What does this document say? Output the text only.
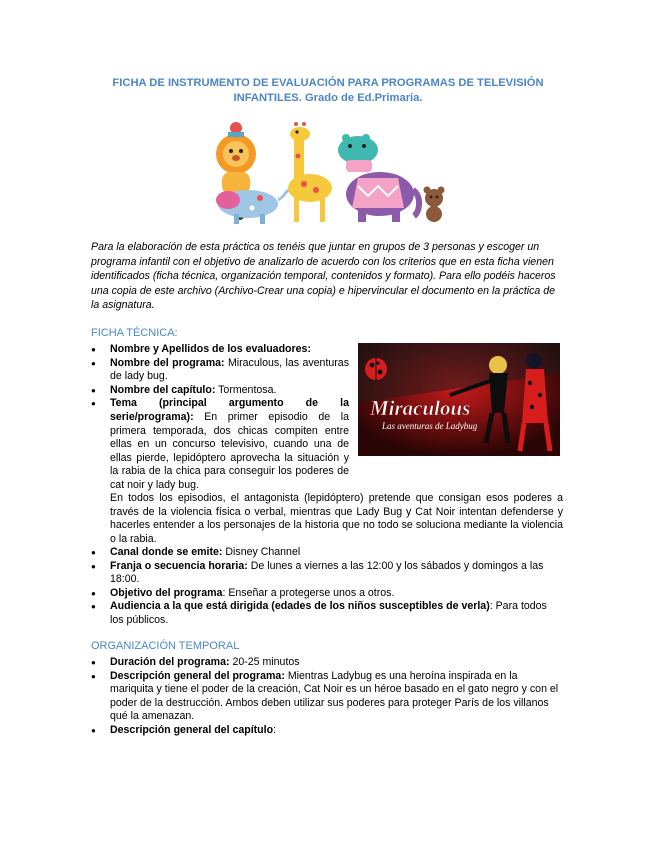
FICHA DE INSTRUMENTO DE EVALUACIÓN PARA PROGRAMAS DE TELEVISIÓN
INFANTILES. Grado de Ed.Primaria.
Para la elaboración de esta práctica os tenéis que juntar en grupos de 3 personas y escoger un programa infantil con el objetivo de analizarlo de acuerdo con los criterios que en esta ficha vienen identificados (ficha técnica, organización temporal, contenidos y formato). Para ello podéis haceros una copia de este archivo (Archivo-Crear una copia) e hipervincular el documento en la práctica de la asignatura.
FICHA TÉCNICA:
● Nombre y Apellidos de los evaluadores:
● Nombre del programa: Miraculous, las aventuras de lady bug.
● Nombre del capítulo: Tormentosa.
● Tema (principal argumento de la serie/programa): En primer episodio de la primera temporada, dos chicas compiten entre ellas en un concurso televisivo, cuando una de ellas pierde, lepidóptero aprovecha la situación y la rabia de la chica para conseguir los poderes de cat noir y lady bug.
Miraculous
Las aventuras de Ladybug
En todos los episodios, el antagonista (lepidóptero) pretende que consigan esos poderes a través de la violencia física o verbal, mientras que Lady Bug y Cat Noir intentan defenderse y hacerles entender a los personajes de la historia que no todo se soluciona mediante la violencia o la rabia.
● Canal donde se emite: Disney Channel
● Franja o secuencia horaria: De lunes a viernes a las 12:00 y los sábados y domingos a las 18:00.
● Objetivo del programa: Enseñar a protegerse unos a otros.
● Audiencia a la que está dirigida (edades de los niños susceptibles de verla): Para todos los públicos.
ORGANIZACIÓN TEMPORAL
● Duración del programa: 20-25 minutos
● Descripción general del programa: Mientras Ladybug es una heroína inspirada en la mariquita y tiene el poder de la creación, Cat Noir es un héroe basado en el gato negro y con el poder de la destrucción. Ambos deben utilizar sus poderes para proteger París de los villanos qué la amenazan.
● Descripción general del capítulo:
